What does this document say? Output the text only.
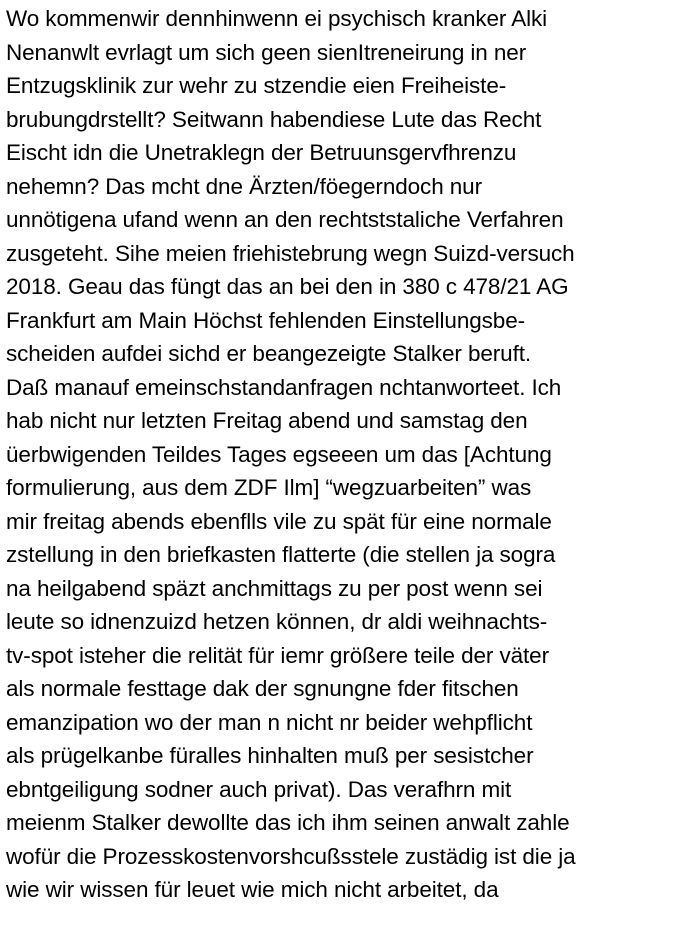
Wo kommenwir dennhinwenn ei psychisch kranker Alki
Nenanwlt evrlagt um sich geen sienItreneirung in ner
Entzugsklinik zur wehr zu stzendie eien Freiheiste-
brubungdrstellt? Seitwann habendiese Lute das Recht
Eischt idn die Unetraklegn der Betruunsgervfhrenzu
nehemn? Das mcht dne Ärzten/föegerndoch nur
unnötigena ufand wenn an den rechtststaliche Verfahren
zusgeteht. Sihe meien friehistebrung wegn Suizd-versuch
2018. Geau das füngt das an bei den in 380 c 478/21 AG
Frankfurt am Main Höchst fehlenden Einstellungsbe-
scheiden aufdei sichd er beangezeigte Stalker beruft.
Daß manauf emeinschstandanfragen nchtanworteet. Ich
hab nicht nur letzten Freitag abend und samstag den
üerbwigenden Teildes Tages egseeen um das [Achtung
formulierung, aus dem ZDF Ilm] “wegzuarbeiten” was
mir freitag abends ebenflls vile zu spät für eine normale
zstellung in den briefkasten flatterte (die stellen ja sogra
na heilgabend späzt anchmittags zu per post wenn sei
leute so idnenzuizd hetzen können, dr aldi weihnachts-
tv-spot isteher die relität für iemr größere teile der väter
als normale festtage dak der sgnungne fder fitschen
emanzipation wo der man n nicht nr beider wehpflicht
als prügelkanbe füralles hinhalten muß per sesistcher
ebntgeiligung sodner auch privat). Das verafhrn mit
meienm Stalker dewollte das ich ihm seinen anwalt zahle
wofür die Prozesskostenvorshcußsstele zustädig ist die ja
wie wir wissen für leuet wie mich nicht arbeitet, da
